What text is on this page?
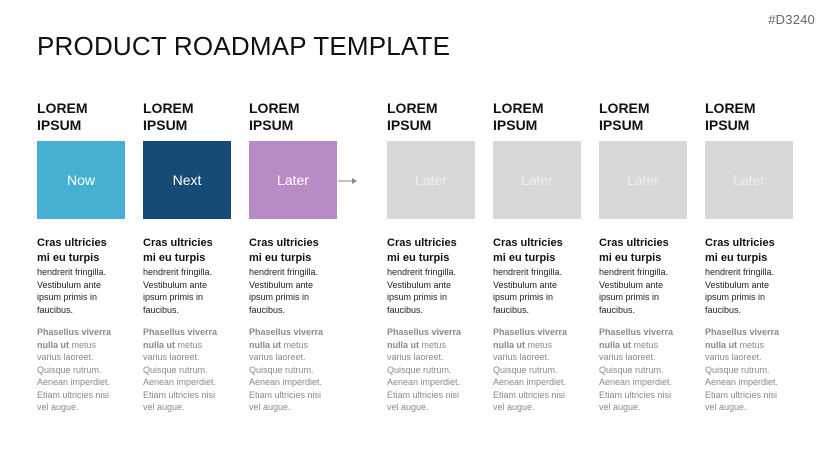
#D3240
PRODUCT ROADMAP TEMPLATE
LOREM
IPSUM
Now
Cras ultricies
mi eu turpis
hendrerit fringilla.
Vestibulum ante
ipsum primis in
faucibus.
Phasellus viverra
nulla ut metus
varius laoreet.
Quisque rutrum.
Aenean imperdiet.
Etiam ultricies nisi
vel augue.
LOREM
IPSUM
Next
Cras ultricies
mi eu turpis
hendrerit fringilla.
Vestibulum ante
ipsum primis in
faucibus.
Phasellus viverra
nulla ut metus
varius laoreet.
Quisque rutrum.
Aenean imperdiet.
Etiam ultricies nisi
vel augue.
LOREM
IPSUM
Later
Cras ultricies
mi eu turpis
hendrerit fringilla.
Vestibulum ante
ipsum primis in
faucibus.
Phasellus viverra
nulla ut metus
varius laoreet.
Quisque rutrum.
Aenean imperdiet.
Etiam ultricies nisi
vel augue.
LOREM
IPSUM
Later
Cras ultricies
mi eu turpis
hendrerit fringilla.
Vestibulum ante
ipsum primis in
faucibus.
Phasellus viverra
nulla ut metus
varius laoreet.
Quisque rutrum.
Aenean imperdiet.
Etiam ultricies nisi
vel augue.
LOREM
IPSUM
Later
Cras ultricies
mi eu turpis
hendrerit fringilla.
Vestibulum ante
ipsum primis in
faucibus.
Phasellus viverra
nulla ut metus
varius laoreet.
Quisque rutrum.
Aenean imperdiet.
Etiam ultricies nisi
vel augue.
LOREM
IPSUM
Later
Cras ultricies
mi eu turpis
hendrerit fringilla.
Vestibulum ante
ipsum primis in
faucibus.
Phasellus viverra
nulla ut metus
varius laoreet.
Quisque rutrum.
Aenean imperdiet.
Etiam ultricies nisi
vel augue.
LOREM
IPSUM
Later
Cras ultricies
mi eu turpis
hendrerit fringilla.
Vestibulum ante
ipsum primis in
faucibus.
Phasellus viverra
nulla ut metus
varius laoreet.
Quisque rutrum.
Aenean imperdiet.
Etiam ultricies nisi
vel augue.
